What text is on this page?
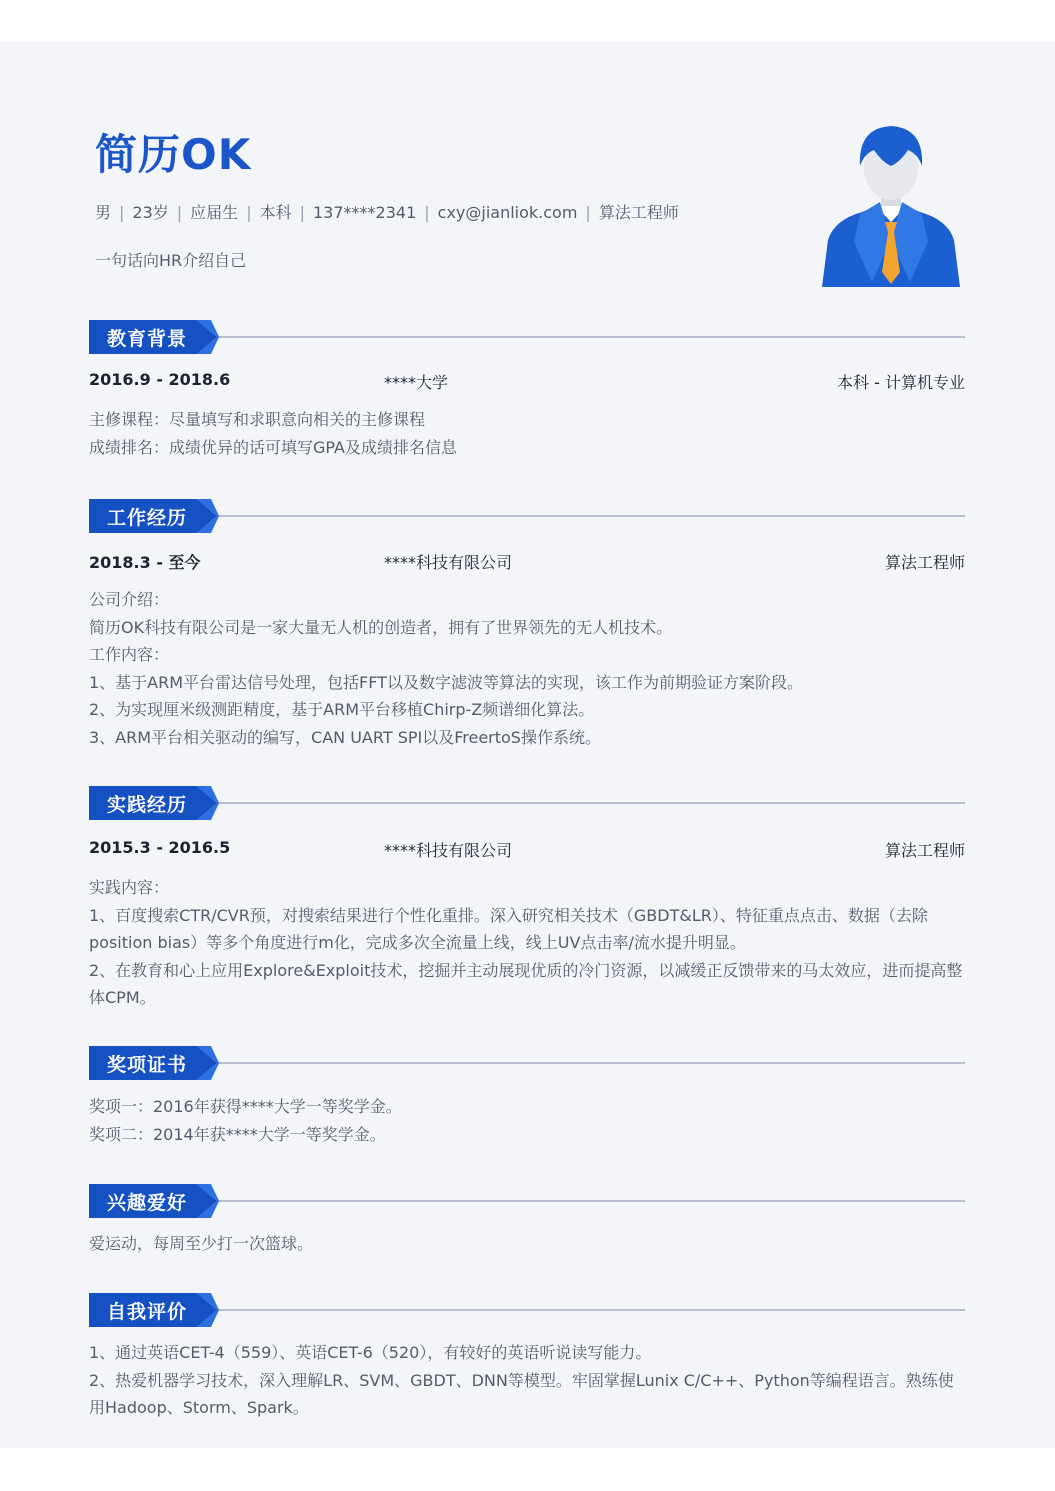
简历OK
男 | 23岁 | 应届生 | 本科 | 137****2341 | cxy@jianliok.com | 算法工程师
一句话向HR介绍自己
教育背景
2016.9 - 2018.6	****大学	本科 - 计算机专业

主修课程：尽量填写和求职意向相关的主修课程

成绩排名：成绩优异的话可填写GPA及成绩排名信息

工作经历
2018.3 - 至今	****科技有限公司	算法工程师

公司介绍：

简历OK科技有限公司是一家大量无人机的创造者，拥有了世界领先的无人机技术。

工作内容：

1、基于ARM平台雷达信号处理，包括FFT以及数字滤波等算法的实现，该工作为前期验证方案阶段。

2、为实现厘米级测距精度，基于ARM平台移植Chirp-Z频谱细化算法。

3、ARM平台相关驱动的编写，CAN UART SPI以及FreertoS操作系统。

实践经历
2015.3 - 2016.5	****科技有限公司	算法工程师

实践内容：

1、百度搜索CTR/CVR预，对搜索结果进行个性化重排。深入研究相关技术（GBDT&LR）、特征重点点击、数据（去除position bias）等多个角度进行m化，完成多次全流量上线，线上UV点击率/流水提升明显。

2、在教育和心上应用Explore&Exploit技术，挖掘并主动展现优质的冷门资源，以减缓正反馈带来的马太效应，进而提高整体CPM。

奖项证书

奖项一：2016年获得****大学一等奖学金。

奖项二：2014年获****大学一等奖学金。

兴趣爱好

爱运动，每周至少打一次篮球。

自我评价

1、通过英语CET-4（559）、英语CET-6（520），有较好的英语听说读写能力。

2、热爱机器学习技术，深入理解LR、SVM、GBDT、DNN等模型。牢固掌握Lunix C/C++、Python等编程语言。熟练使用Hadoop、Storm、Spark。
